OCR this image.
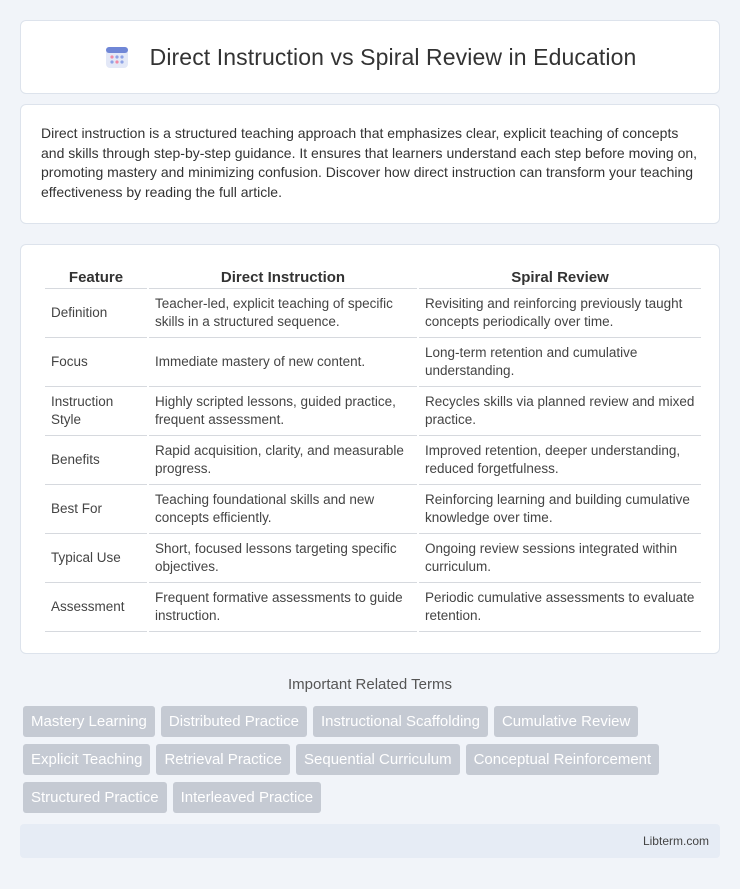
Direct Instruction vs Spiral Review in Education

Direct instruction is a structured teaching approach that emphasizes clear, explicit teaching of concepts and skills through step-by-step guidance. It ensures that learners understand each step before moving on, promoting mastery and minimizing confusion. Discover how direct instruction can transform your teaching effectiveness by reading the full article.

Feature	Direct Instruction	Spiral Review
Definition	Teacher-led, explicit teaching of specific skills in a structured sequence.	Revisiting and reinforcing previously taught concepts periodically over time.
Focus	Immediate mastery of new content.	Long-term retention and cumulative understanding.
Instruction Style	Highly scripted lessons, guided practice, frequent assessment.	Recycles skills via planned review and mixed practice.
Benefits	Rapid acquisition, clarity, and measurable progress.	Improved retention, deeper understanding, reduced forgetfulness.
Best For	Teaching foundational skills and new concepts efficiently.	Reinforcing learning and building cumulative knowledge over time.
Typical Use	Short, focused lessons targeting specific objectives.	Ongoing review sessions integrated within curriculum.
Assessment	Frequent formative assessments to guide instruction.	Periodic cumulative assessments to evaluate retention.
Important Related Terms
Mastery Learning	Distributed Practice	Instructional Scaffolding	Cumulative Review
Explicit Teaching	Retrieval Practice	Sequential Curriculum	Conceptual Reinforcement
Structured Practice	Interleaved Practice
Libterm.com
